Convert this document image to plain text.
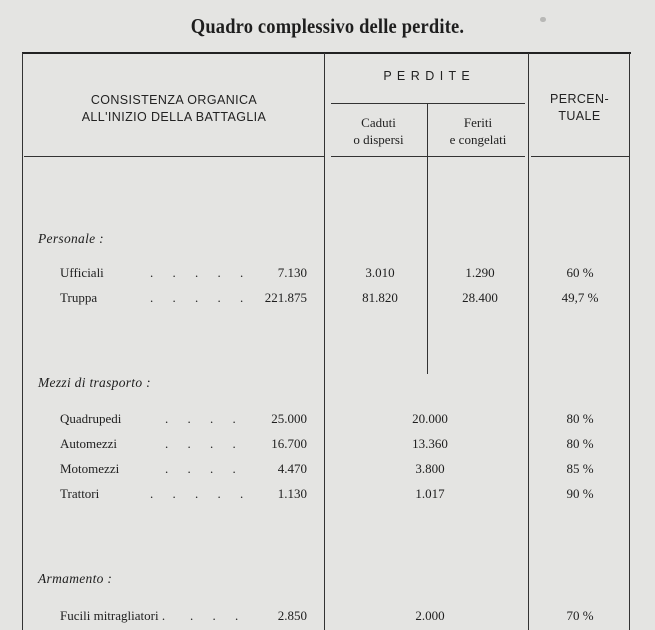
Quadro complessivo delle perdite.
CONSISTENZA ORGANICA
ALL'INIZIO DELLA BATTAGLIA
P E R D I T E
Caduti
o dispersi
Feriti
e congelati
PERCEN-
TUALE
Personale :
Ufficiali	. . . . .	7.130	3.010	1.290	60 %
Truppa	. . . . . 221.875	81.820	28.400	49,7 %
Mezzi di trasporto :
Quadrupedi	. . . .	25.000	20.000	80 %
Automezzi	. . . .	16.700	13.360	80 %
Motomezzi	. . . .	4.470	3.800	85 %
Trattori	. . . . .	1.130	1.017	90 %
Armamento :
Fucili mitragliatori . . . .	2.850	2.000	70 %
